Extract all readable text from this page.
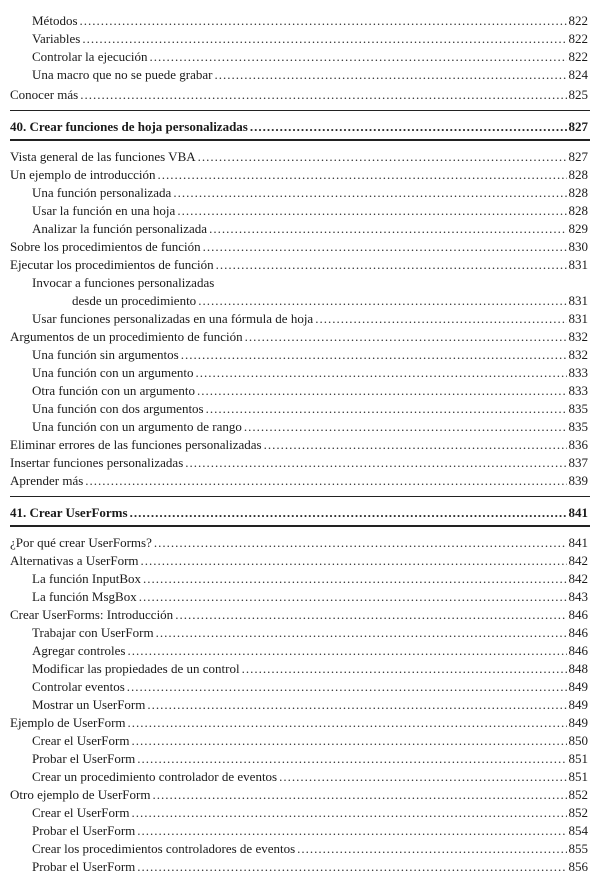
Métodos .....	822
Variables .....	822
Controlar la ejecución .....	822
Una macro que no se puede grabar .....	824
Conocer más .....	825
40. Crear funciones de hoja personalizadas .....	827
Vista general de las funciones VBA .....	827
Un ejemplo de introducción .....	828
Una función personalizada .....	828
Usar la función en una hoja .....	828
Analizar la función personalizada .....	829
Sobre los procedimientos de función .....	830
Ejecutar los procedimientos de función .....	831
Invocar a funciones personalizadas
desde un procedimiento .....	831
Usar funciones personalizadas en una fórmula de hoja .....	831
Argumentos de un procedimiento de función .....	832
Una función sin argumentos .....	832
Una función con un argumento .....	833
Otra función con un argumento .....	833
Una función con dos argumentos .....	835
Una función con un argumento de rango .....	835
Eliminar errores de las funciones personalizadas .....	836
Insertar funciones personalizadas .....	837
Aprender más .....	839
41. Crear UserForms .....	841
¿Por qué crear UserForms? .....	841
Alternativas a UserForm .....	842
La función InputBox .....	842
La función MsgBox .....	843
Crear UserForms: Introducción .....	846
Trabajar con UserForm .....	846
Agregar controles .....	846
Modificar las propiedades de un control .....	848
Controlar eventos .....	849
Mostrar un UserForm .....	849
Ejemplo de UserForm .....	849
Crear el UserForm .....	850
Probar el UserForm .....	851
Crear un procedimiento controlador de eventos .....	851
Otro ejemplo de UserForm .....	852
Crear el UserForm .....	852
Probar el UserForm .....	854
Crear los procedimientos controladores de eventos .....	855
Probar el UserForm .....	856
